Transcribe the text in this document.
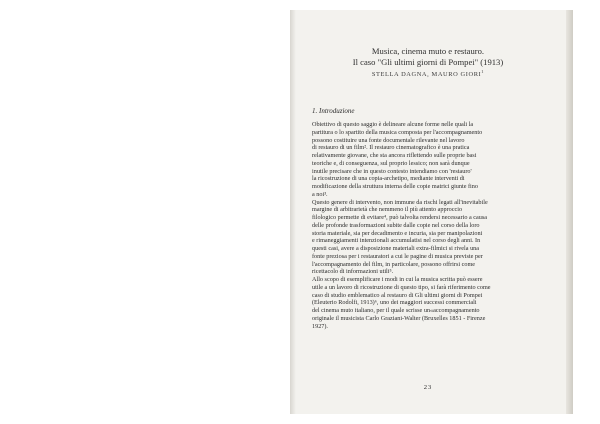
Musica, cinema muto e restauro.
Il caso "Gli ultimi giorni di Pompei" (1913)
STELLA DAGNA, MAURO GIORI$^1$
1. Introduzione
Obiettivo di questo saggio è delineare alcune forme nelle quali la
partitura o lo spartito della musica composta per l'accompagnamento
possono costituire una fonte documentale rilevante nel lavoro
di restauro di un film². Il restauro cinematografico è una pratica
relativamente giovane, che sta ancora riflettendo sulle proprie basi
teoriche e, di conseguenza, sul proprio lessico; non sarà dunque
inutile precisare che in questo contesto intendiamo con 'restauro'
la ricostruzione di una copia-archetipo, mediante interventi di
modificazione della struttura interna delle copie matrici giunte fino
a noi³.
Questo genere di intervento, non immune da rischi legati all'inevitabile
margine di arbitrarietà che nemmeno il più attento approccio
filologico permette di evitare⁴, può talvolta rendersi necessario a causa
delle profonde trasformazioni subite dalle copie nel corso della loro
storia materiale, sia per decadimento e incuria, sia per manipolazioni
e rimaneggiamenti intenzionali accumulatisi nel corso degli anni. In
questi casi, avere a disposizione materiali extra-filmici si rivela una
fonte preziosa per i restauratori a cui le pagine di musica previste per
l'accompagnamento del film, in particolare, possono offrirsi come
ricettacolo di informazioni utili⁵.
Allo scopo di esemplificare i modi in cui la musica scritta può essere
utile a un lavoro di ricostruzione di questo tipo, si farà riferimento come
caso di studio emblematico al restauro di Gli ultimi giorni di Pompei
(Eleuterio Rodolfi, 1913)⁶, uno dei maggiori successi commerciali
del cinema muto italiano, per il quale scrisse un«accompagnamento
originale il musicista Carlo Graziani-Walter (Bruxelles 1851 - Firenze
1927).
23
